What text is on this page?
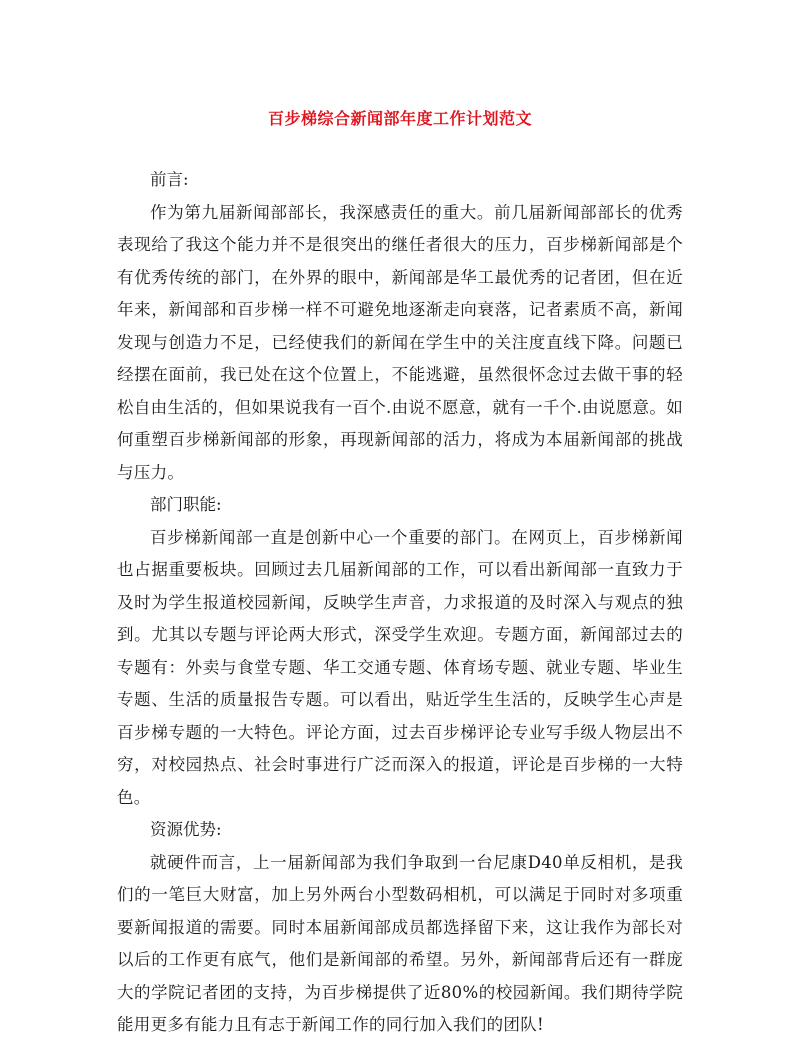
百步梯综合新闻部年度工作计划范文

前言:

作为第九届新闻部部长，我深感责任的重大。前几届新闻部部长的优秀表现给了我这个能力并不是很突出的继任者很大的压力，百步梯新闻部是个有优秀传统的部门，在外界的眼中，新闻部是华工最优秀的记者团，但在近年来，新闻部和百步梯一样不可避免地逐渐走向衰落，记者素质不高，新闻发现与创造力不足，已经使我们的新闻在学生中的关注度直线下降。问题已经摆在面前，我已处在这个位置上，不能逃避，虽然很怀念过去做干事的轻松自由生活的，但如果说我有一百个.由说不愿意，就有一千个.由说愿意。如何重塑百步梯新闻部的形象，再现新闻部的活力，将成为本届新闻部的挑战与压力。

部门职能:

百步梯新闻部一直是创新中心一个重要的部门。在网页上，百步梯新闻也占据重要板块。回顾过去几届新闻部的工作，可以看出新闻部一直致力于及时为学生报道校园新闻，反映学生声音，力求报道的及时深入与观点的独到。尤其以专题与评论两大形式，深受学生欢迎。专题方面，新闻部过去的专题有：外卖与食堂专题、华工交通专题、体育场专题、就业专题、毕业生专题、生活的质量报告专题。可以看出，贴近学生生活的，反映学生心声是百步梯专题的一大特色。评论方面，过去百步梯评论专业写手级人物层出不穷，对校园热点、社会时事进行广泛而深入的报道，评论是百步梯的一大特色。

资源优势:

就硬件而言，上一届新闻部为我们争取到一台尼康D40单反相机，是我们的一笔巨大财富，加上另外两台小型数码相机，可以满足于同时对多项重要新闻报道的需要。同时本届新闻部成员都选择留下来，这让我作为部长对以后的工作更有底气，他们是新闻部的希望。另外，新闻部背后还有一群庞大的学院记者团的支持，为百步梯提供了近80%的校园新闻。我们期待学院能用更多有能力且有志于新闻工作的同行加入我们的团队!
